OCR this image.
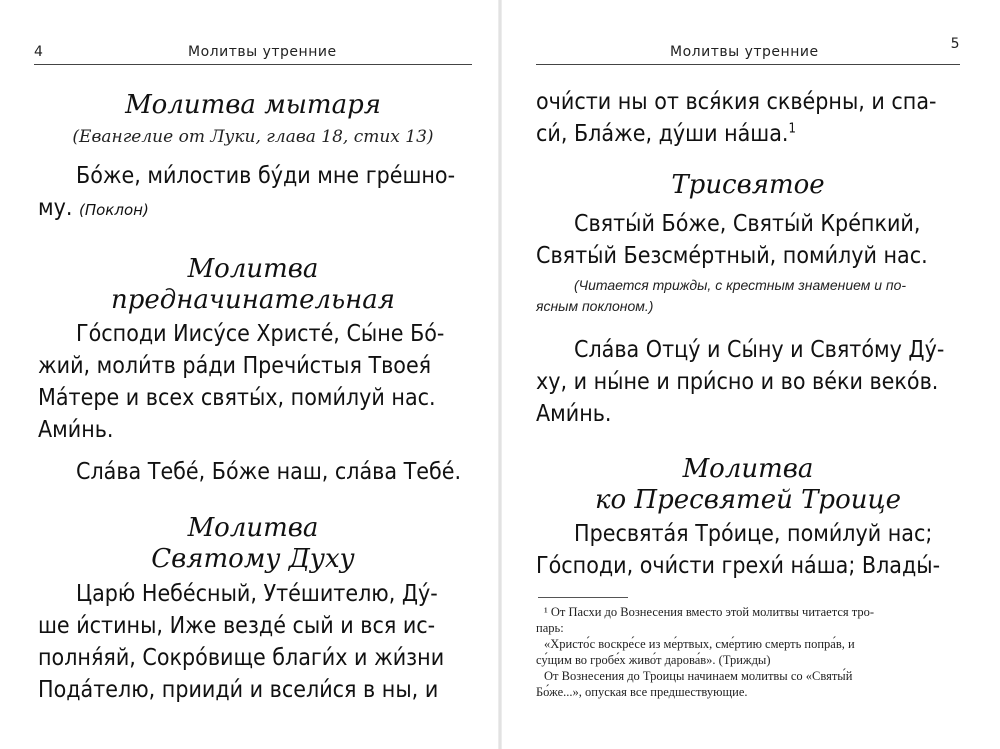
4	Молитвы утренние
Молитва мытаря
(Евангелие от Луки, глава 18, стих 13)
Бо́же, ми́лостив бу́ди мне гре́шно-
му. (Поклон)
Молитва
предначинательная
Го́споди Иису́се Христе́, Сы́не Бо́-
жий, моли́тв ра́ди Пречи́стыя Твоея́
Ма́тере и всех святы́х, поми́луй нас.
Ами́нь.
Сла́ва Тебе́, Бо́же наш, сла́ва Тебе́.
Молитва
Святому Духу
Царю́ Небе́сный, Уте́шителю, Ду́-
ше и́стины, Иже везде́ сый и вся ис-
полня́яй, Сокро́вище благи́х и жи́зни
Пода́телю, прииди́ и всели́ся в ны, и
Молитвы утренние	5
очи́сти ны от вся́кия скве́рны, и спа-
си́, Бла́же, ду́ши на́ша.$^1$
Трисвятое
Святы́й Бо́же, Святы́й Кре́пкий,
Святы́й Безсме́ртный, поми́луй нас.
(Читается трижды, с крестным знамением и по-
ясным поклоном.)
Сла́ва Отцу́ и Сы́ну и Свято́му Ду́-
ху, и ны́не и при́сно и во ве́ки веко́в.
Ами́нь.
Молитва
ко Пресвятей Троице
Пресвята́я Тро́ице, поми́луй нас;
Го́споди, очи́сти грехи́ на́ша; Влады́-
¹ От Пасхи до Вознесения вместо этой молитвы читается тро-
парь:
«Христо́с воскре́се из ме́ртвых, сме́ртию смерть попра́в, и
су́щим во гробе́х живо́т дарова́в». (Трижды)
От Вознесения до Троицы начинаем молитвы со «Святы́й
Бо́же...», опуская все предшествующие.
